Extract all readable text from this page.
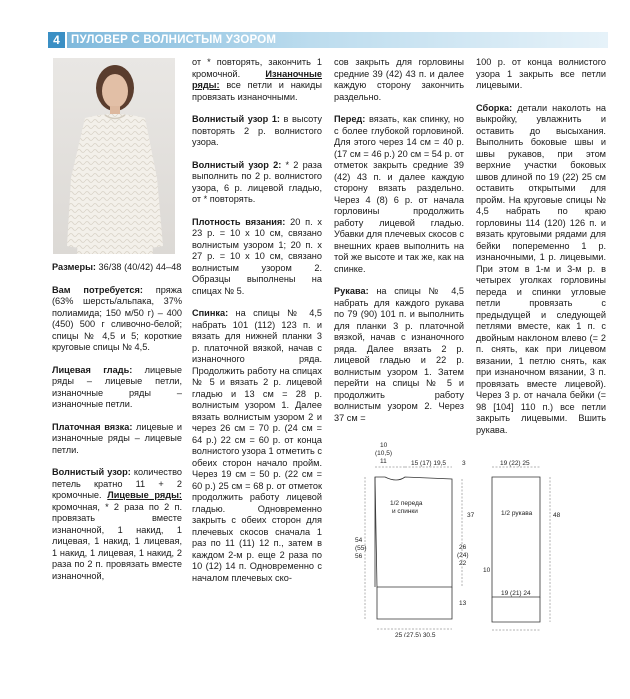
4 ПУЛОВЕР С ВОЛНИСТЫМ УЗОРОМ

Размеры: 36/38 (40/42) 44–48

Вам потребуется: пряжа (63% шерсть/альпака, 37% полиамида; 150 м/50 г) – 400 (450) 500 г сливочно-белой; спицы № 4,5 и 5; короткие круговые спицы № 4,5.

Лицевая гладь: лицевые ряды – лицевые петли, изнаночные ряды – изнаночные петли.

Платочная вязка: лицевые и изнаночные ряды – лицевые петли.

Волнистый узор: количество петель кратно 11 + 2 кромочные. Лицевые ряды: кромочная, * 2 раза по 2 п. провязать вместе изнаночной, 1 накид, 1 лицевая, 1 накид, 1 лицевая, 1 накид, 1 лицевая, 1 накид, 2 раза по 2 п. провязать вместе изнаночной,

от * повторять, закончить 1 кромочной. Изнаночные ряды: все петли и накиды провязать изнаночными.

Волнистый узор 1: в высоту повторять 2 р. волнистого узора.

Волнистый узор 2: * 2 раза выполнить по 2 р. волнистого узора, 6 р. лицевой гладью, от * повторять.

Плотность вязания: 20 п. x 23 р. = 10 x 10 см, связано волнистым узором 1; 20 п. x 27 р. = 10 x 10 см, связано волнистым узором 2. Образцы выполнены на спицах № 5.

Спинка: на спицы № 4,5 набрать 101 (112) 123 п. и вязать для нижней планки 3 р. платочной вязкой, начав с изнаночного ряда. Продолжить работу на спицах № 5 и вязать 2 р. лицевой гладью и 13 см = 28 р. волнистым узором 1. Далее вязать волнистым узором 2 и через 26 см = 70 р. (24 см = 64 р.) 22 см = 60 р. от конца волнистого узора 1 отметить с обеих сторон начало пройм. Через 19 см = 50 р. (22 см = 60 р.) 25 см = 68 р. от отметок продолжить работу лицевой гладью. Одновременно закрыть с обеих сторон для плечевых скосов сначала 1 раз по 11 (11) 12 п., затем в каждом 2-м р. еще 2 раза по 10 (12) 14 п. Одновременно с началом плечевых ско-

сов закрыть для горловины средние 39 (42) 43 п. и далее каждую сторону закончить раздельно.

Перед: вязать, как спинку, но с более глубокой горловиной. Для этого через 14 см = 40 р. (17 см = 46 р.) 20 см = 54 р. от отметок закрыть средние 39 (42) 43 п. и далее каждую сторону вязать раздельно. Через 4 (8) 6 р. от начала горловины продолжить работу лицевой гладью. Убавки для плечевых скосов с внешних краев выполнить на той же высоте и так же, как на спинке.

Рукава: на спицы № 4,5 набрать для каждого рукава по 79 (90) 101 п. и выполнить для планки 3 р. платочной вязкой, начав с изнаночного ряда. Далее вязать 2 р. лицевой гладью и 22 р. волнистым узором 1. Затем перейти на спицы № 5 и продолжить работу волнистым узором 2. Через 37 см =

100 р. от конца волнистого узора 1 закрыть все петли лицевыми.

Сборка: детали наколоть на выкройку, увлажнить и оставить до высыхания. Выполнить боковые швы и швы рукавов, при этом верхние участки боковых швов длиной по 19 (22) 25 см оставить открытыми для пройм. На круговые спицы № 4,5 набрать по краю горловины 114 (120) 126 п. и вязать круговыми рядами для бейки попеременно 1 р. изнаночными, 1 р. лицевыми. При этом в 1-м и 3-м р. в четырех уголках горловины переда и спинки угловые петли провязать с предыдущей и следующей петлями вместе, как 1 п. с двойным наклоном влево (= 2 п. снять, как при лицевом вязании, 1 петлю снять, как при изнаночном вязании, 3 п. провязать вместе лицевой). Через 3 р. от начала бейки (= 98 [104] 110 п.) все петли закрыть лицевыми. Вшить рукава.

10
(10,5)
11	15 (17) 19,5 3
1/2 переда
и спинки
37
54
(55)
56
26
(24)
22
13
25 (27,5) 30,5
19 (22) 25
1/2 рукава	48
10
19 (21) 24
